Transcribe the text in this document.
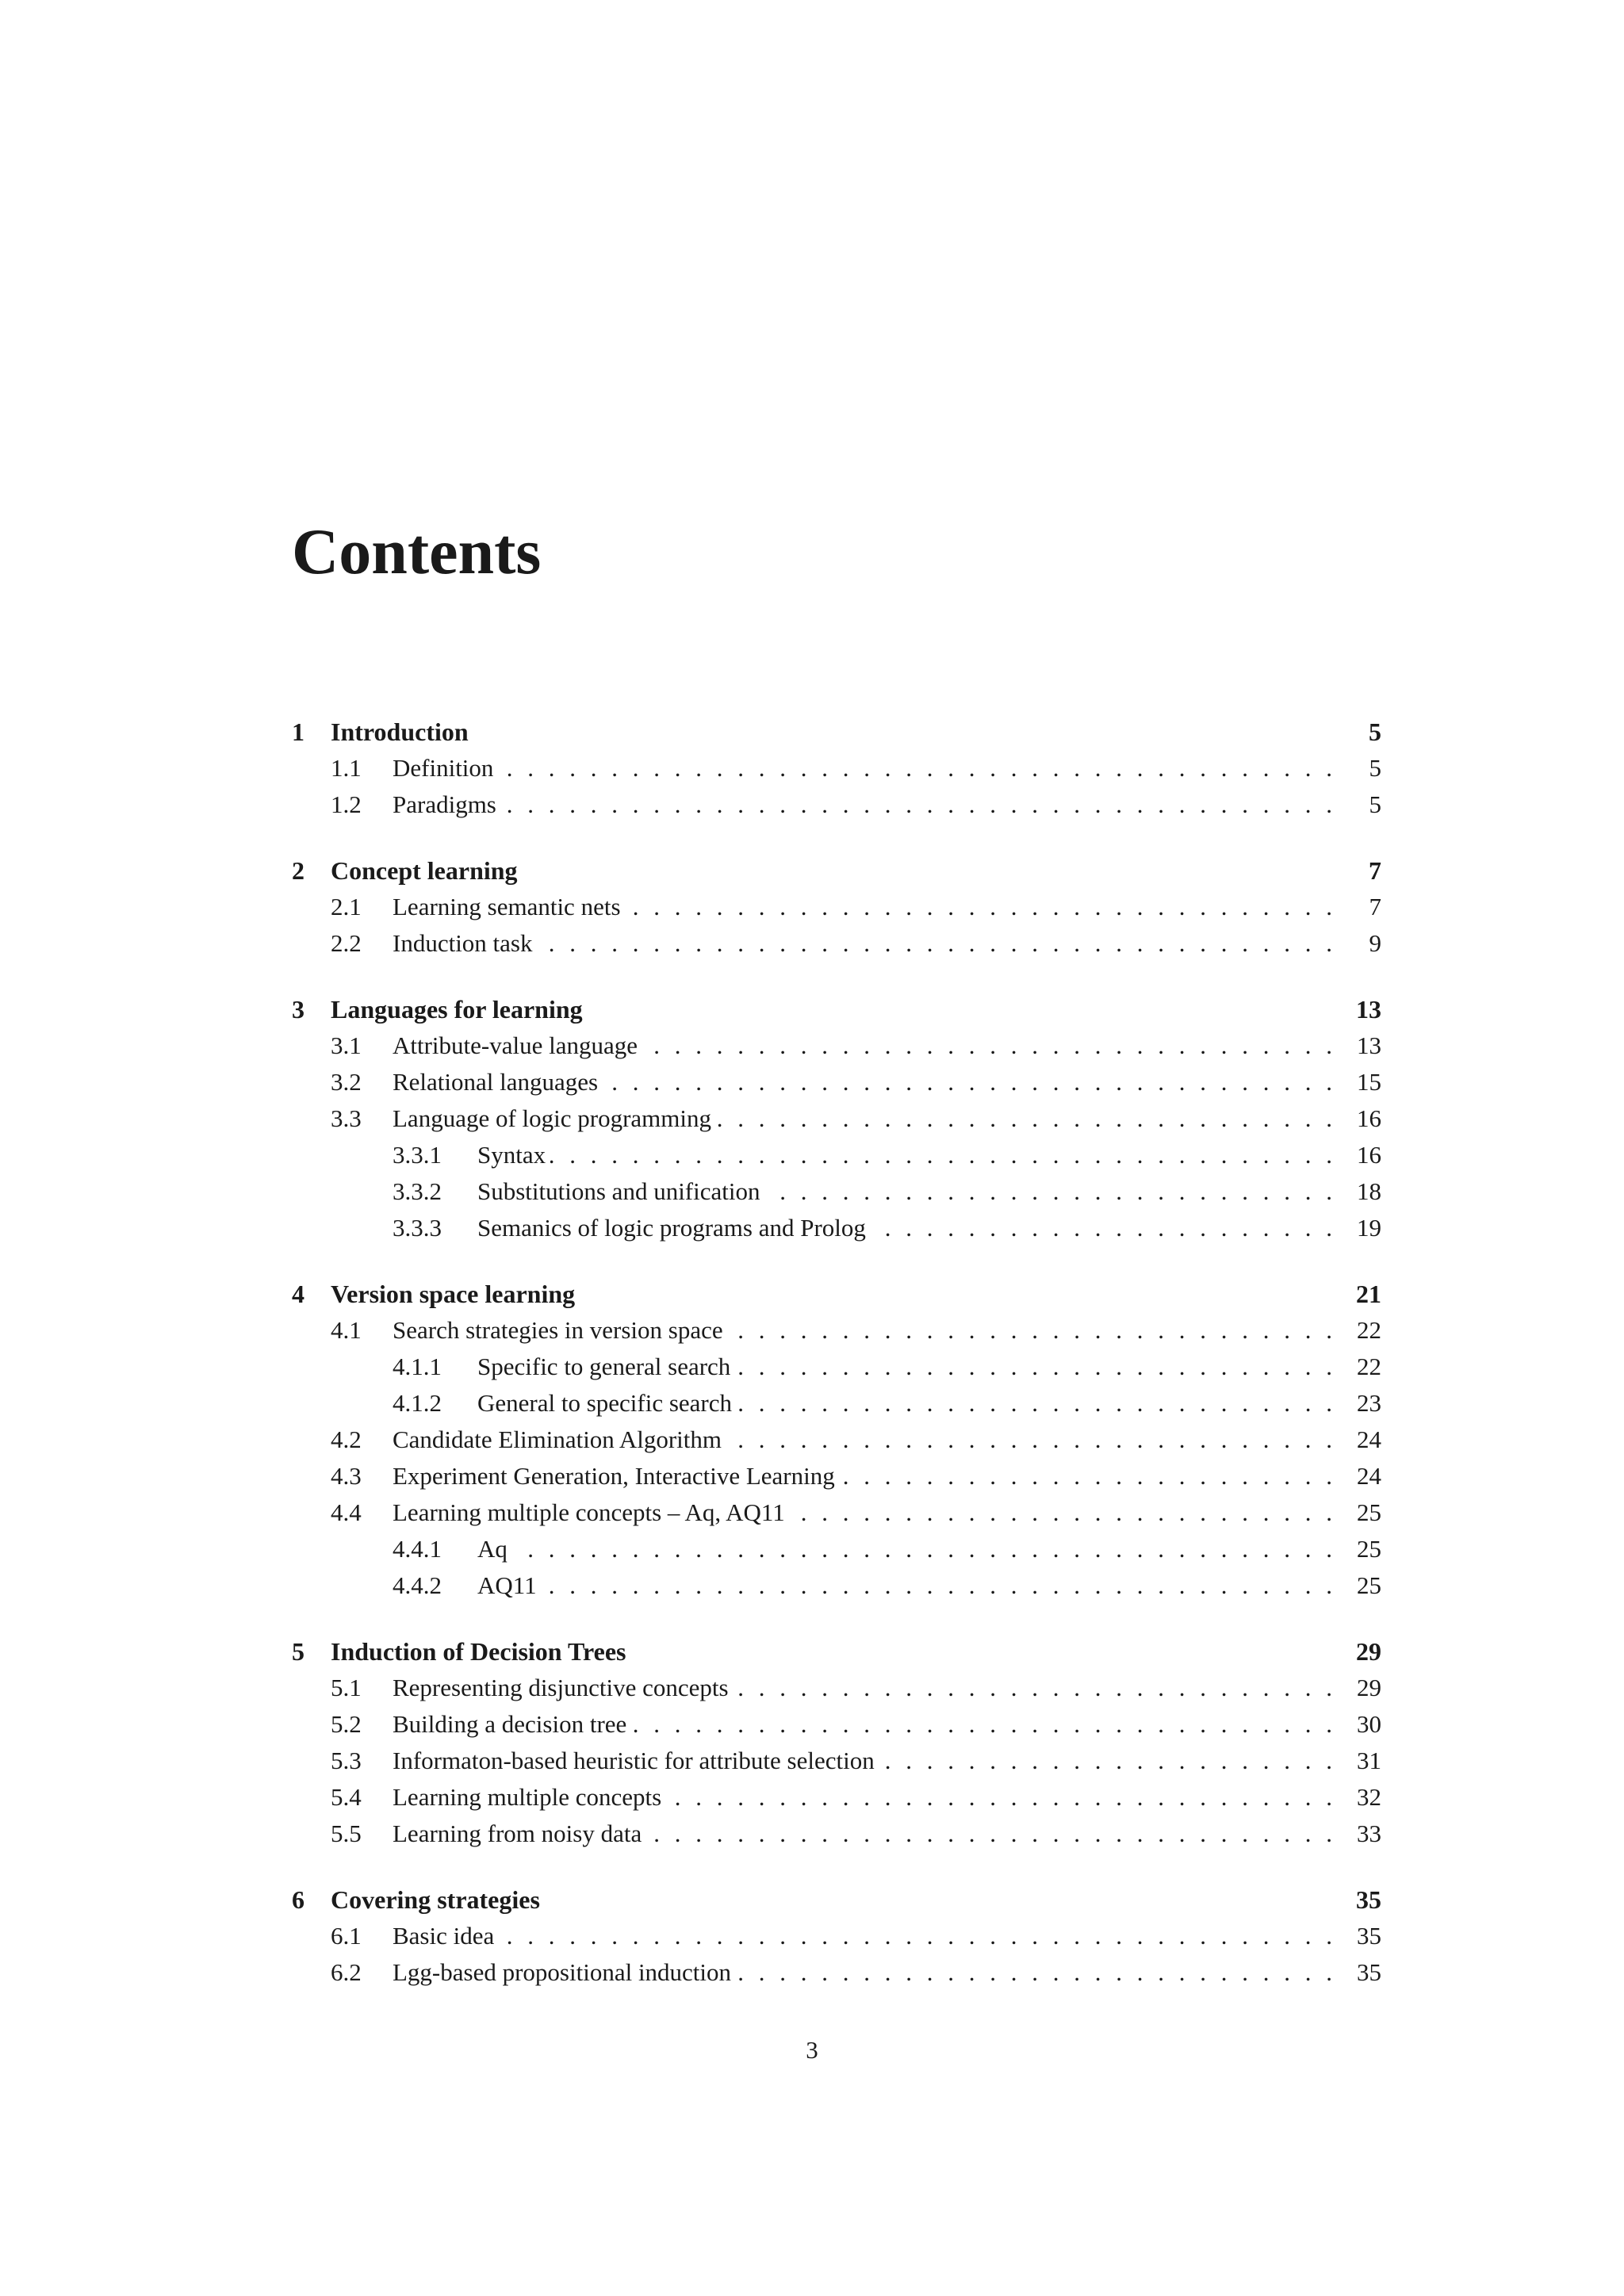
Contents
1	Introduction	5
1.1	Definition . . .	5
1.2	Paradigms . . .	5
2	Concept learning	7
2.1	Learning semantic nets . . .	7
2.2	Induction task . . .	9
3	Languages for learning	13
3.1	Attribute-value language . . .	13
3.2	Relational languages . . .	15
3.3	Language of logic programming . . .	16
3.3.1	Syntax . . .	16
3.3.2	Substitutions and unification . . .	18
3.3.3	Semanics of logic programs and Prolog . . .	19
4	Version space learning	21
4.1	Search strategies in version space . . .	22
4.1.1	Specific to general search . . .	22
4.1.2	General to specific search . . .	23
4.2	Candidate Elimination Algorithm . . .	24
4.3	Experiment Generation, Interactive Learning . . .	24
4.4	Learning multiple concepts – Aq, AQ11 . . .	25
4.4.1	Aq . . .	25
4.4.2	AQ11 . . .	25
5	Induction of Decision Trees	29
5.1	Representing disjunctive concepts . . .	29
5.2	Building a decision tree . . .	30
5.3	Informaton-based heuristic for attribute selection . . .	31
5.4	Learning multiple concepts . . .	32
5.5	Learning from noisy data . . .	33
6	Covering strategies	35
6.1	Basic idea . . .	35
6.2	Lgg-based propositional induction . . .	35
3
